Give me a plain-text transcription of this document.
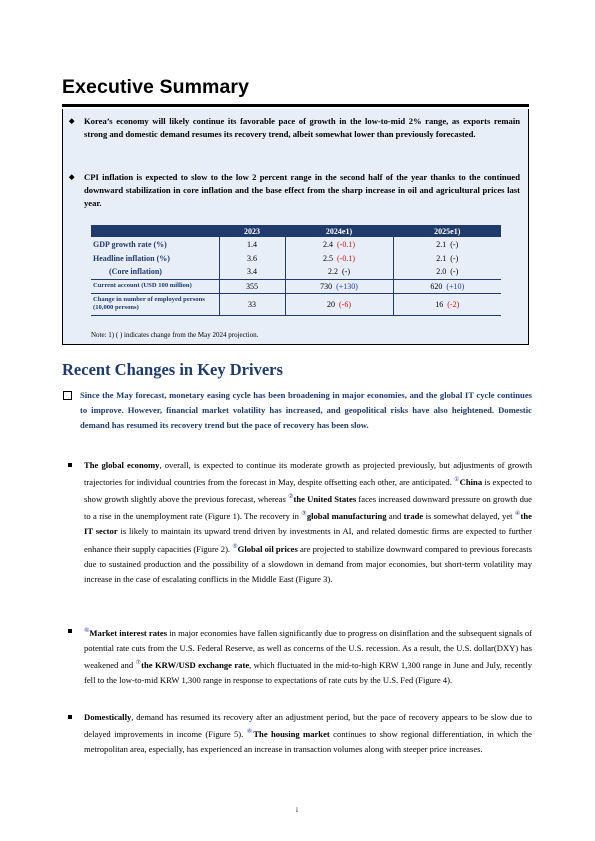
Executive Summary
◆	Korea’s economy will likely continue its favorable pace of growth in the low-to-mid 2% range, as exports remain strong and domestic demand resumes its recovery trend, albeit somewhat lower than previously forecasted.
◆	CPI inflation is expected to slow to the low 2 percent range in the second half of the year thanks to the continued downward stabilization in core inflation and the base effect from the sharp increase in oil and agricultural prices last year.
	2023	2024e1)	2025e1)
GDP growth rate (%)	1.4	2.4 (-0.1)	2.1 (-)
Headline inflation (%)	3.6	2.5 (-0.1)	2.1 (-)
(Core inflation)	3.4	2.2 (-)	2.0 (-)
Current account (USD 100 million)	355	730 (+130)	620 (+10)
Change in number of employed persons (10,000 persons)	33	20 (-6)	16 (-2)
Note: 1) ( ) indicates change from the May 2024 projection.
Recent Changes in Key Drivers
Since the May forecast, monetary easing cycle has been broadening in major economies, and the global IT cycle continues to improve. However, financial market volatility has increased, and geopolitical risks have also heightened. Domestic demand has resumed its recovery trend but the pace of recovery has been slow.
The global economy, overall, is expected to continue its moderate growth as projected previously, but adjustments of growth trajectories for individual countries from the forecast in May, despite offsetting each other, are anticipated. ①China is expected to show growth slightly above the previous forecast, whereas ②the United States faces increased downward pressure on growth due to a rise in the unemployment rate (Figure 1). The recovery in ③global manufacturing and trade is somewhat delayed, yet ④the IT sector is likely to maintain its upward trend driven by investments in AI, and related domestic firms are expected to further enhance their supply capacities (Figure 2). ⑤Global oil prices are projected to stabilize downward compared to previous forecasts due to sustained production and the possibility of a slowdown in demand from major economies, but short-term volatility may increase in the case of escalating conflicts in the Middle East (Figure 3).
⑥Market interest rates in major economies have fallen significantly due to progress on disinflation and the subsequent signals of potential rate cuts from the U.S. Federal Reserve, as well as concerns of the U.S. recession. As a result, the U.S. dollar(DXY) has weakened and ⑦the KRW/USD exchange rate, which fluctuated in the mid-to-high KRW 1,300 range in June and July, recently fell to the low-to-mid KRW 1,300 range in response to expectations of rate cuts by the U.S. Fed (Figure 4).
Domestically, demand has resumed its recovery after an adjustment period, but the pace of recovery appears to be slow due to delayed improvements in income (Figure 5). ⑧The housing market continues to show regional differentiation, in which the metropolitan area, especially, has experienced an increase in transaction volumes along with steeper price increases.
i
